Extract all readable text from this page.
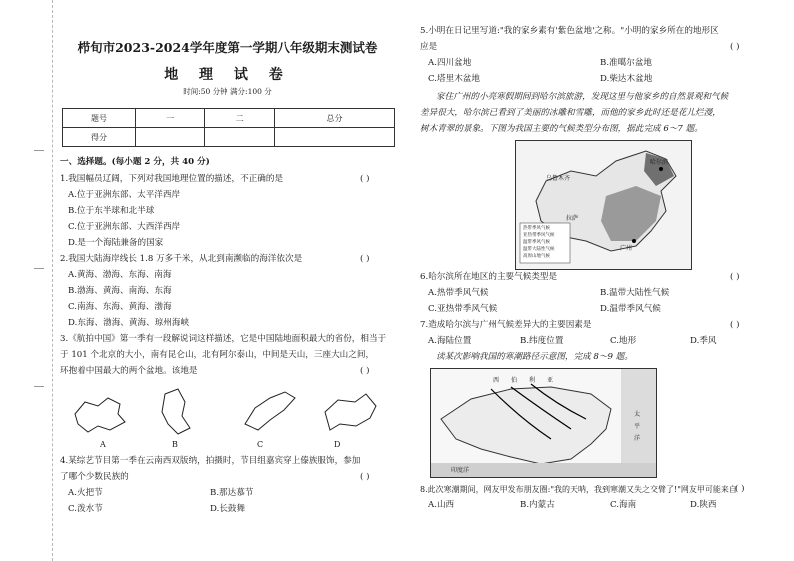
栉旬市2023-2024学年度第一学期八年级期末测试卷
地 理 试 卷
时间:50 分钟 满分:100 分
题号	一	二	总分
得分			
一、选择题。(每小题 2 分，共 40 分)
1.我国幅员辽阔，下列对我国地理位置的描述，不正确的是	( )
A.位于亚洲东部、太平洋西岸
B.位于东半球和北半球
C.位于亚洲东部、大西洋西岸
D.是一个海陆兼备的国家
2.我国大陆海岸线长 1.8 万多千米，从北到南濒临的海洋依次是	( )
A.黄海、渤海、东海、南海
B.渤海、黄海、南海、东海
C.南海、东海、黄海、渤海
D.东海、渤海、黄海、琼州海峡
3.《航拍中国》第一季有一段解说词这样描述，它是中国陆地面积最大的省份，相当于
于 101 个北京的大小，南有昆仑山，北有阿尔泰山，中间是天山，三座大山之间，
环抱着中国最大的两个盆地。该地是	( )
A	B	C	D
4.某综艺节目第一季在云南西双版纳，拍摄时，节目组嘉宾穿上傣族服饰，参加
了哪个少数民族的	( )
A.火把节	B.那达慕节
C.泼水节	D.长鼓舞
5.小明在日记里写道:"我的家乡素有'紫色盆地'之称。"小明的家乡所在的地形区
应是	( )
A.四川盆地	B.准噶尔盆地
C.塔里木盆地	D.柴达木盆地
家住广州的小亮寒假期间到哈尔滨旅游，发现这里与他家乡的自然景观和气候
差异很大，哈尔滨已看到了美丽的冰雕和雪雕，而他的家乡此时还是花儿烂漫，
树木青翠的景象。下图为我国主要的气候类型分布图，据此完成 6～7 题。
哈尔滨
乌鲁木齐
拉萨
广州
热带季风气候
亚热带季风气候
温带季风气候
温带大陆性气候
高原山地气候
6.哈尔滨所在地区的主要气候类型是	( )
A.热带季风气候	B.温带大陆性气候
C.亚热带季风气候	D.温带季风气候
7.造成哈尔滨与广州气候差异大的主要因素是	( )
A.海陆位置	B.纬度位置	C.地形	D.季风
读某次影响我国的寒潮路径示意图，完成 8～9 题。
西 伯 利 亚
太
平
洋
印度洋
8.此次寒潮期间，网友甲发布朋友圈:"我的天呐，我到寒潮又失之交臂了!"网友甲可能来自
( )
A.山西	B.内蒙古	C.海南	D.陕西
